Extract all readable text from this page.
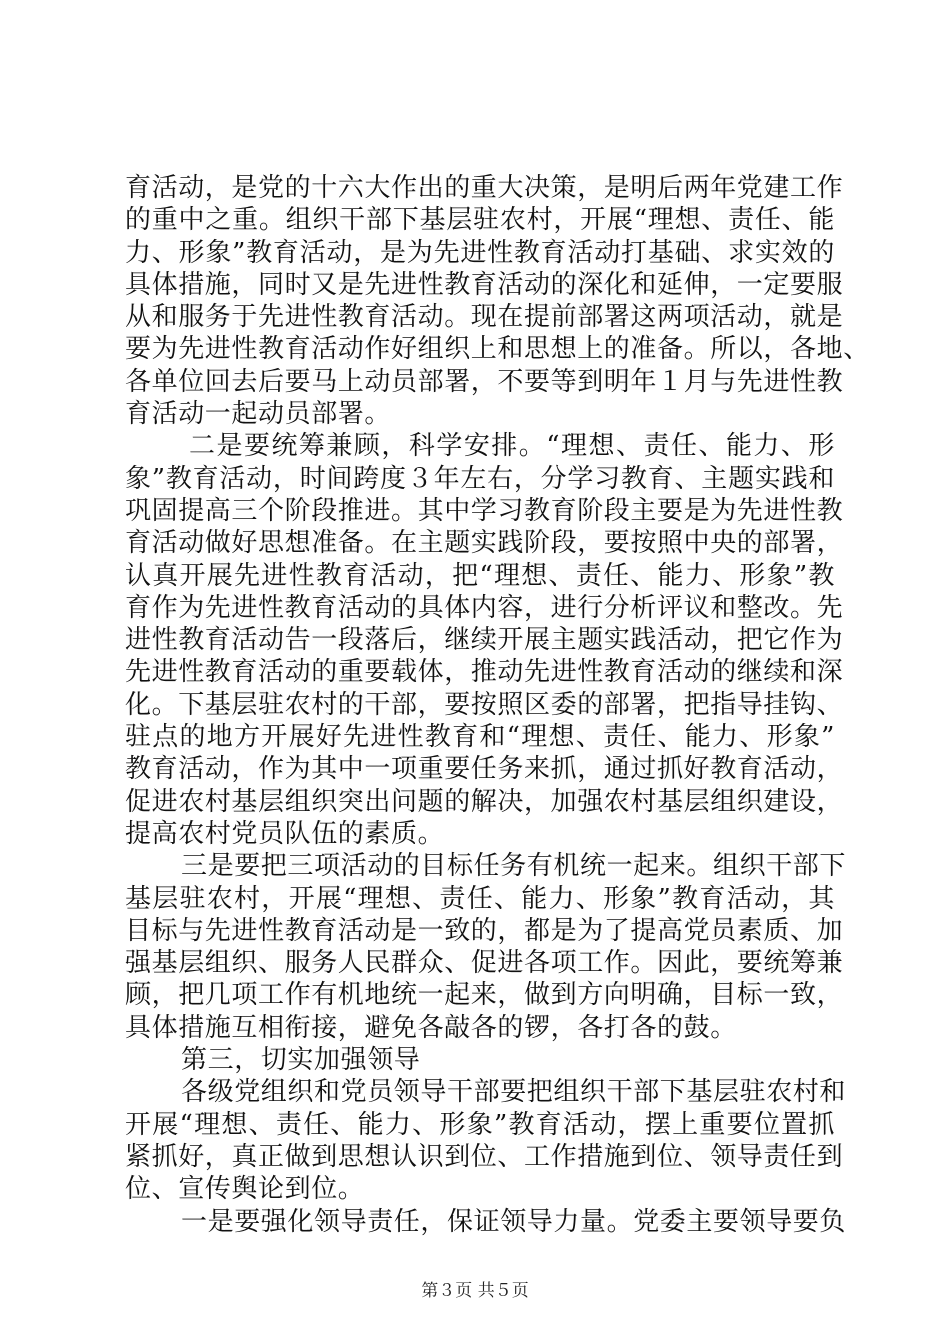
育活动，是党的十六大作出的重大决策，是明后两年党建工作
的重中之重。组织干部下基层驻农村，开展“理想、责任、能
力、形象”教育活动，是为先进性教育活动打基础、求实效的
具体措施，同时又是先进性教育活动的深化和延伸，一定要服
从和服务于先进性教育活动。现在提前部署这两项活动，就是
要为先进性教育活动作好组织上和思想上的准备。所以，各地、
各单位回去后要马上动员部署，不要等到明年１月与先进性教
育活动一起动员部署。
二是要统筹兼顾，科学安排。“理想、责任、能力、形
象”教育活动，时间跨度３年左右，分学习教育、主题实践和
巩固提高三个阶段推进。其中学习教育阶段主要是为先进性教
育活动做好思想准备。在主题实践阶段，要按照中央的部署，
认真开展先进性教育活动，把“理想、责任、能力、形象”教
育作为先进性教育活动的具体内容，进行分析评议和整改。先
进性教育活动告一段落后，继续开展主题实践活动，把它作为
先进性教育活动的重要载体，推动先进性教育活动的继续和深
化。下基层驻农村的干部，要按照区委的部署，把指导挂钩、
驻点的地方开展好先进性教育和“理想、责任、能力、形象”
教育活动，作为其中一项重要任务来抓，通过抓好教育活动，
促进农村基层组织突出问题的解决，加强农村基层组织建设，
提高农村党员队伍的素质。
三是要把三项活动的目标任务有机统一起来。组织干部下
基层驻农村，开展“理想、责任、能力、形象”教育活动，其
目标与先进性教育活动是一致的，都是为了提高党员素质、加
强基层组织、服务人民群众、促进各项工作。因此，要统筹兼
顾，把几项工作有机地统一起来，做到方向明确，目标一致，
具体措施互相衔接，避免各敲各的锣，各打各的鼓。
第三，切实加强领导
各级党组织和党员领导干部要把组织干部下基层驻农村和
开展“理想、责任、能力、形象”教育活动，摆上重要位置抓
紧抓好，真正做到思想认识到位、工作措施到位、领导责任到
位、宣传舆论到位。
一是要强化领导责任，保证领导力量。党委主要领导要负
第３页 共５页
